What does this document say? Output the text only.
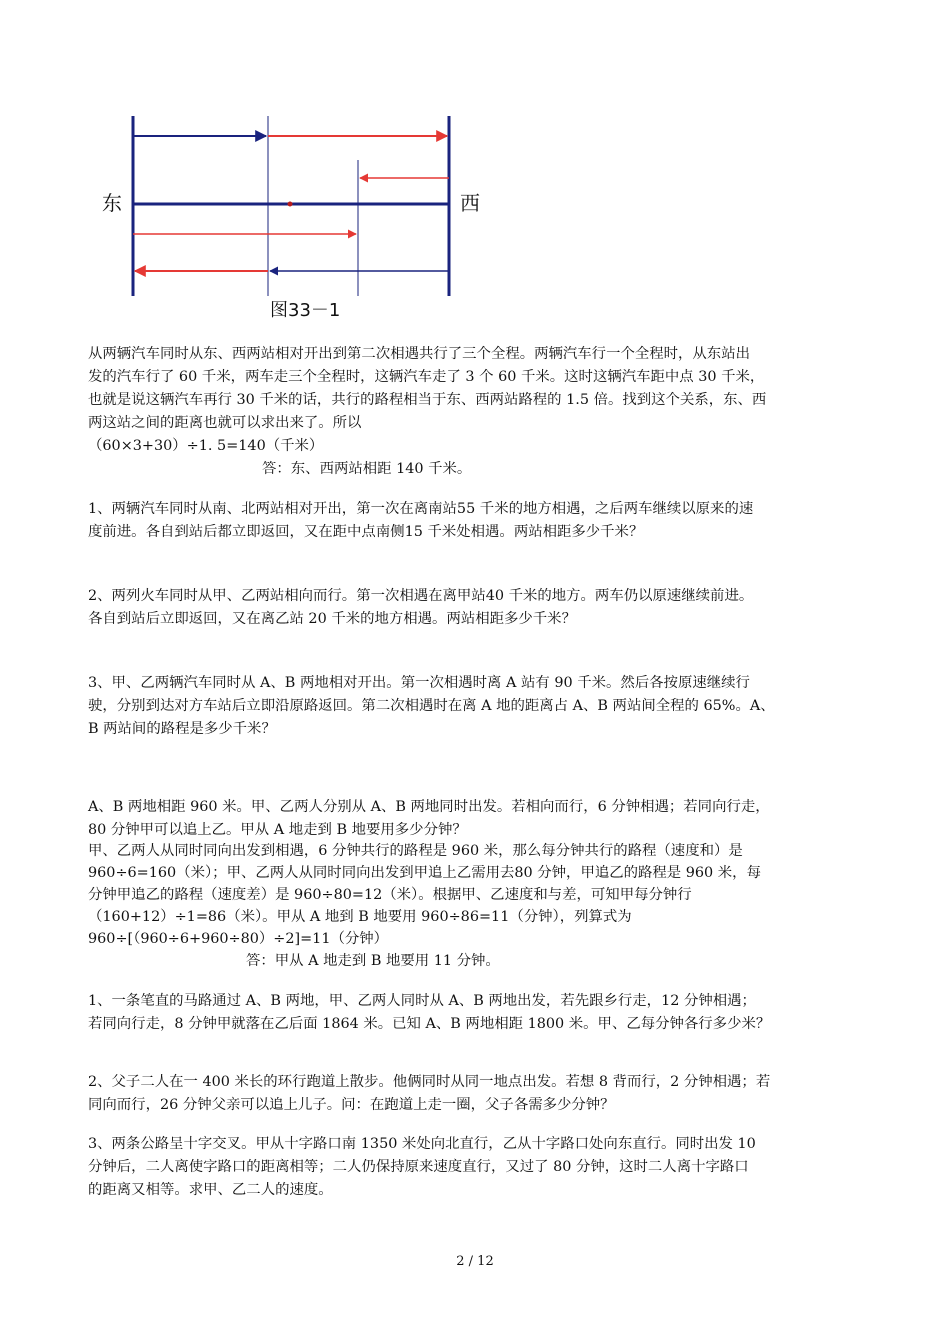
东	西
图33－1
从两辆汽车同时从东、西两站相对开出到第二次相遇共行了三个全程。两辆汽车行一个全程时，从东站出
发的汽车行了 60 千米，两车走三个全程时，这辆汽车走了 3 个 60 千米。这时这辆汽车距中点 30 千米，
也就是说这辆汽车再行 30 千米的话，共行的路程相当于东、西两站路程的 1.5 倍。找到这个关系，东、西
两这站之间的距离也就可以求出来了。所以
（60×3+30）÷1. 5=140（千米）
答：东、西两站相距 140 千米。
1、两辆汽车同时从南、北两站相对开出，第一次在离南站55 千米的地方相遇，之后两车继续以原来的速
度前进。各自到站后都立即返回，又在距中点南侧15 千米处相遇。两站相距多少千米？
2、两列火车同时从甲、乙两站相向而行。第一次相遇在离甲站40 千米的地方。两车仍以原速继续前进。
各自到站后立即返回，又在离乙站 20 千米的地方相遇。两站相距多少千米？
3、甲、乙两辆汽车同时从 A、B 两地相对开出。第一次相遇时离 A 站有 90 千米。然后各按原速继续行
驶，分别到达对方车站后立即沿原路返回。第二次相遇时在离 A 地的距离占 A、B 两站间全程的 65%。A、
B 两站间的路程是多少千米？
A、B 两地相距 960 米。甲、乙两人分别从 A、B 两地同时出发。若相向而行，6 分钟相遇；若同向行走，
80 分钟甲可以追上乙。甲从 A 地走到 B 地要用多少分钟？
甲、乙两人从同时同向出发到相遇，6 分钟共行的路程是 960 米，那么每分钟共行的路程（速度和）是
960÷6=160（米）；甲、乙两人从同时同向出发到甲追上乙需用去80 分钟，甲追乙的路程是 960 米，每
分钟甲追乙的路程（速度差）是 960÷80=12（米）。根据甲、乙速度和与差，可知甲每分钟行
（160+12）÷1=86（米）。甲从 A 地到 B 地要用 960÷86=11（分钟），列算式为
960÷[（960÷6+960÷80）÷2]=11（分钟）
答：甲从 A 地走到 B 地要用 11 分钟。
1、一条笔直的马路通过 A、B 两地，甲、乙两人同时从 A、B 两地出发，若先跟乡行走，12 分钟相遇；
若同向行走，8 分钟甲就落在乙后面 1864 米。已知 A、B 两地相距 1800 米。甲、乙每分钟各行多少米？
2、父子二人在一 400 米长的环行跑道上散步。他俩同时从同一地点出发。若想 8 背而行，2 分钟相遇；若
同向而行，26 分钟父亲可以追上儿子。问：在跑道上走一圈，父子各需多少分钟？
3、两条公路呈十字交叉。甲从十字路口南 1350 米处向北直行，乙从十字路口处向东直行。同时出发 10
分钟后，二人离使字路口的距离相等；二人仍保持原来速度直行，又过了 80 分钟，这时二人离十字路口
的距离又相等。求甲、乙二人的速度。
2 / 12
